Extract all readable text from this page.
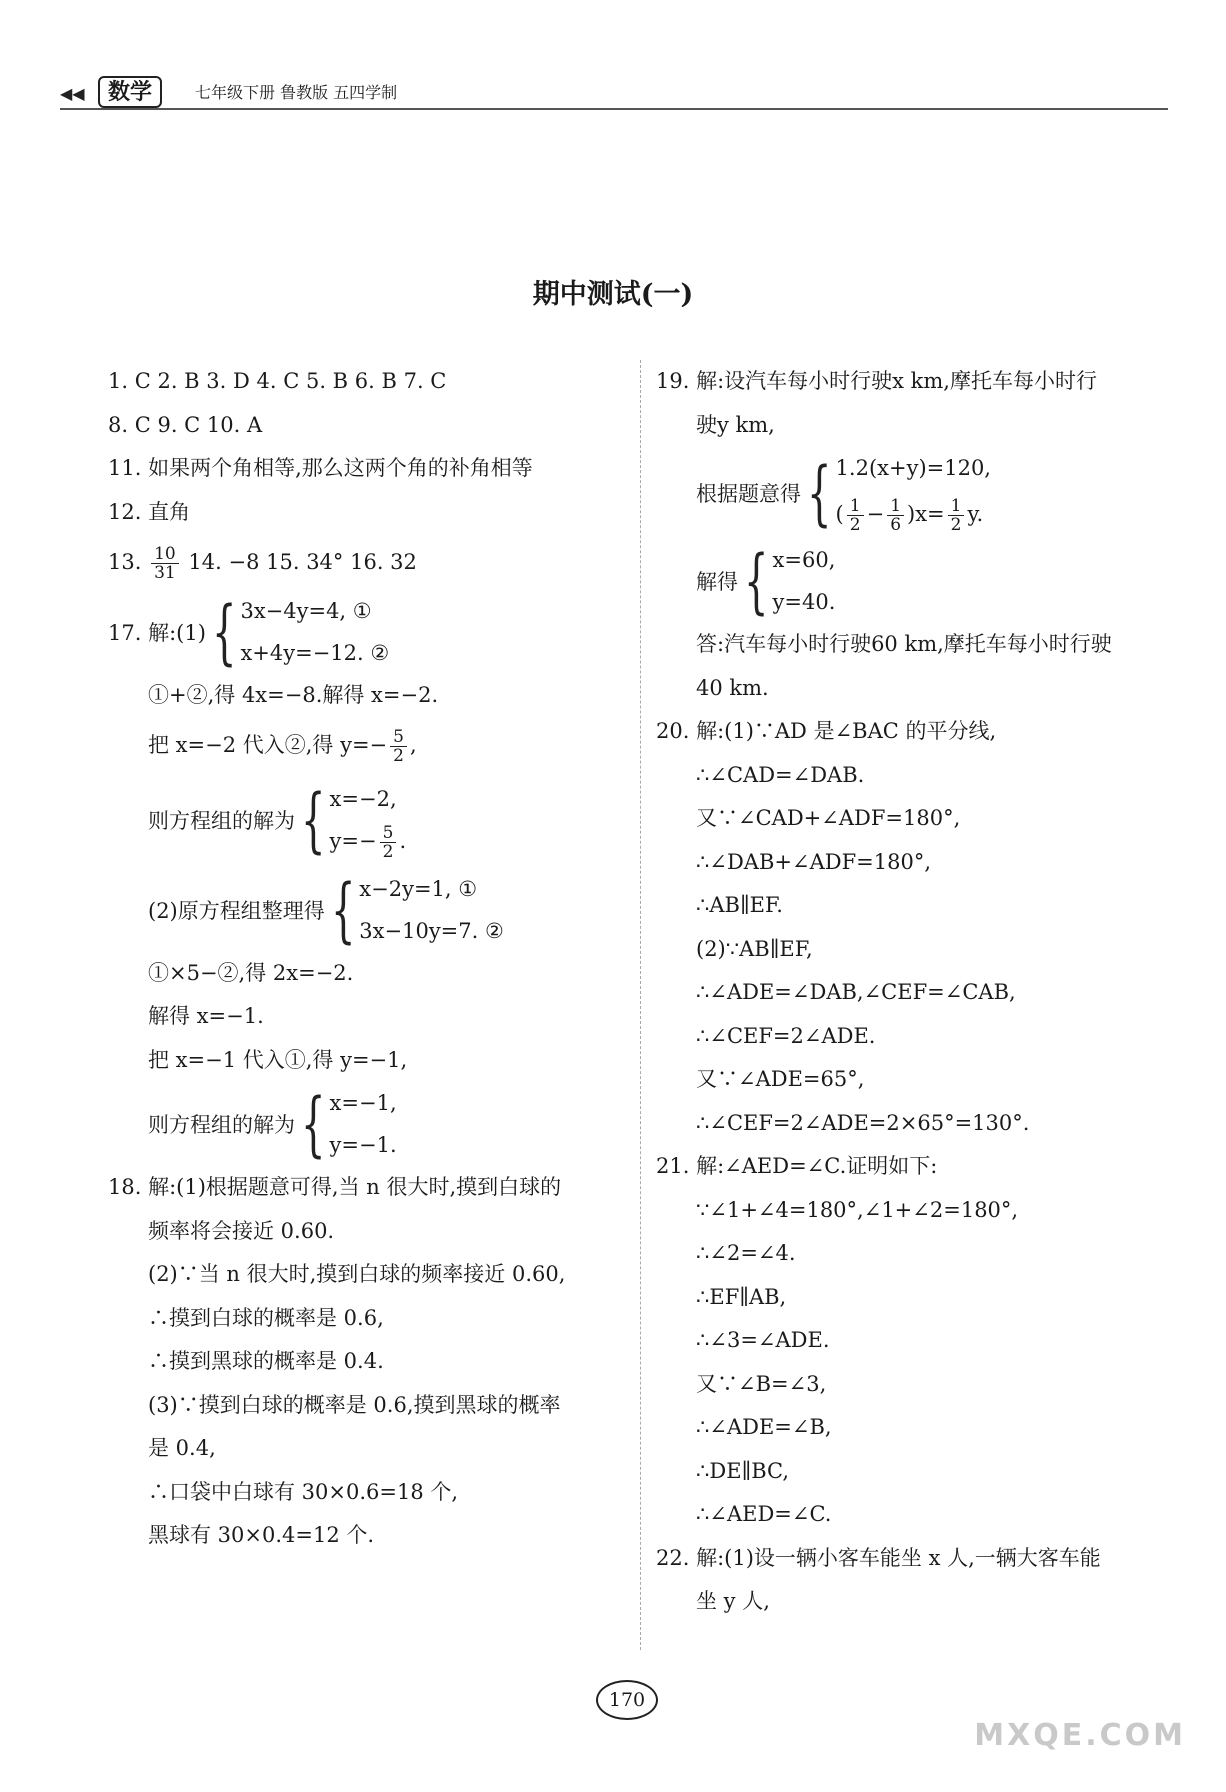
◀◀	数学	七年级下册 鲁教版 五四学制
期中测试(一)
1. C 2. B 3. D 4. C 5. B 6. B 7. C
8. C 9. C 10. A
11. 如果两个角相等,那么这两个角的补角相等
12. 直角
13. $\frac{10}{31} 14$. −8 15. 34° 16. 32
17. 解:(1) { 3x−4y=4, ①
x+4y=−12. ②
①+②,得 4x=−8.解得 x=−2.
把 x=−2 代入②,得 $y=- \frac{5}{2}$ ,
则方程组的解为 { x=−2,
$y=- \frac{5}{2}$ .
(2)原方程组整理得 { x−2y=1, ①
3x−10y=7. ②
①×5−②,得 2x=−2.
解得 x=−1.
把 x=−1 代入①,得 y=−1,
则方程组的解为 { x=−1,
y=−1.
18. 解:(1)根据题意可得,当 n 很大时,摸到白球的
频率将会接近 0.60.
(2)∵当 n 很大时,摸到白球的频率接近 0.60,
∴摸到白球的概率是 0.6,
∴摸到黑球的概率是 0.4.
(3)∵摸到白球的概率是 0.6,摸到黑球的概率
是 0.4,
∴口袋中白球有 30×0.6=18 个,
黑球有 30×0.4=12 个.
19. 解:设汽车每小时行驶x km,摩托车每小时行
驶y km,
根据题意得 { 1.2(x+y)=120,
( $\frac{1}{2} - \frac{1}{6} )x= \frac{1}{2} y$.
解得 { x=60,
y=40.
答:汽车每小时行驶60 km,摩托车每小时行驶
40 km.
20. 解:(1)∵AD 是∠BAC 的平分线,
∴∠CAD=∠DAB.
又∵∠CAD+∠ADF=180°,
∴∠DAB+∠ADF=180°,
∴AB∥EF.
(2)∵AB∥EF,
∴∠ADE=∠DAB,∠CEF=∠CAB,
∴∠CEF=2∠ADE.
又∵∠ADE=65°,
∴∠CEF=2∠ADE=2×65°=130°.
21. 解:∠AED=∠C.证明如下:
∵∠1+∠4=180°,∠1+∠2=180°,
∴∠2=∠4.
∴EF∥AB,
∴∠3=∠ADE.
又∵∠B=∠3,
∴∠ADE=∠B,
∴DE∥BC,
∴∠AED=∠C.
22. 解:(1)设一辆小客车能坐 x 人,一辆大客车能
坐 y 人,
170
MXQE.COM
